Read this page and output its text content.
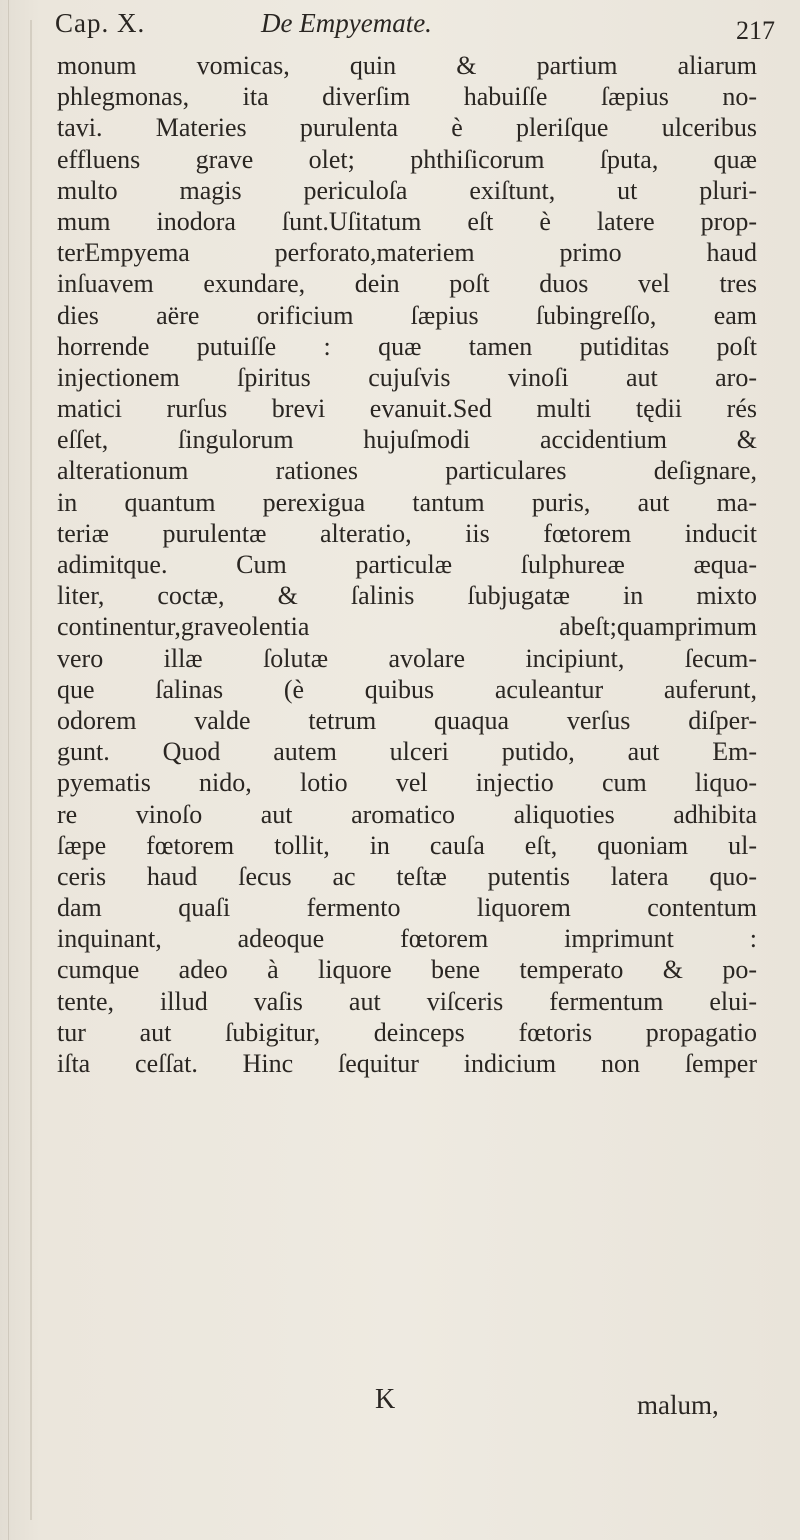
Cap. X.	De Empyemate.	217
monum vomicas, quin & partium aliarum
phlegmonas, ita diverſim habuiſſe ſæpius no-
tavi. Materies purulenta è pleriſque ulceribus
effluens grave olet; phthiſicorum ſputa, quæ
multo magis periculoſa exiſtunt, ut pluri-
mum inodora ſunt.Uſitatum eſt è latere prop-
terEmpyema perforato,materiem primo haud
inſuavem exundare, dein poſt duos vel tres
dies aëre orificium ſæpius ſubingreſſo, eam
horrende putuiſſe : quæ tamen putiditas poſt
injectionem ſpiritus cujuſvis vinoſi aut aro-
matici rurſus brevi evanuit.Sed multi tędii rés
eſſet, ſingulorum hujuſmodi accidentium &
alterationum rationes particulares deſignare,
in quantum perexigua tantum puris, aut ma-
teriæ purulentæ alteratio, iis fœtorem inducit
adimitque. Cum particulæ ſulphureæ æqua-
liter, coctæ, & ſalinis ſubjugatæ in mixto
continentur,graveolentia abeſt;quamprimum
vero illæ ſolutæ avolare incipiunt, ſecum-
que ſalinas (è quibus aculeantur auferunt,
odorem valde tetrum quaqua verſus diſper-
gunt. Quod autem ulceri putido, aut Em-
pyematis nido, lotio vel injectio cum liquo-
re vinoſo aut aromatico aliquoties adhibita
ſæpe fœtorem tollit, in cauſa eſt, quoniam ul-
ceris haud ſecus ac teſtæ putentis latera quo-
dam quaſi fermento liquorem contentum
inquinant, adeoque fœtorem imprimunt :
cumque adeo à liquore bene temperato & po-
tente, illud vaſis aut viſceris fermentum elui-
tur aut ſubigitur, deinceps fœtoris propagatio
iſta ceſſat. Hinc ſequitur indicium non ſemper
K	malum,
